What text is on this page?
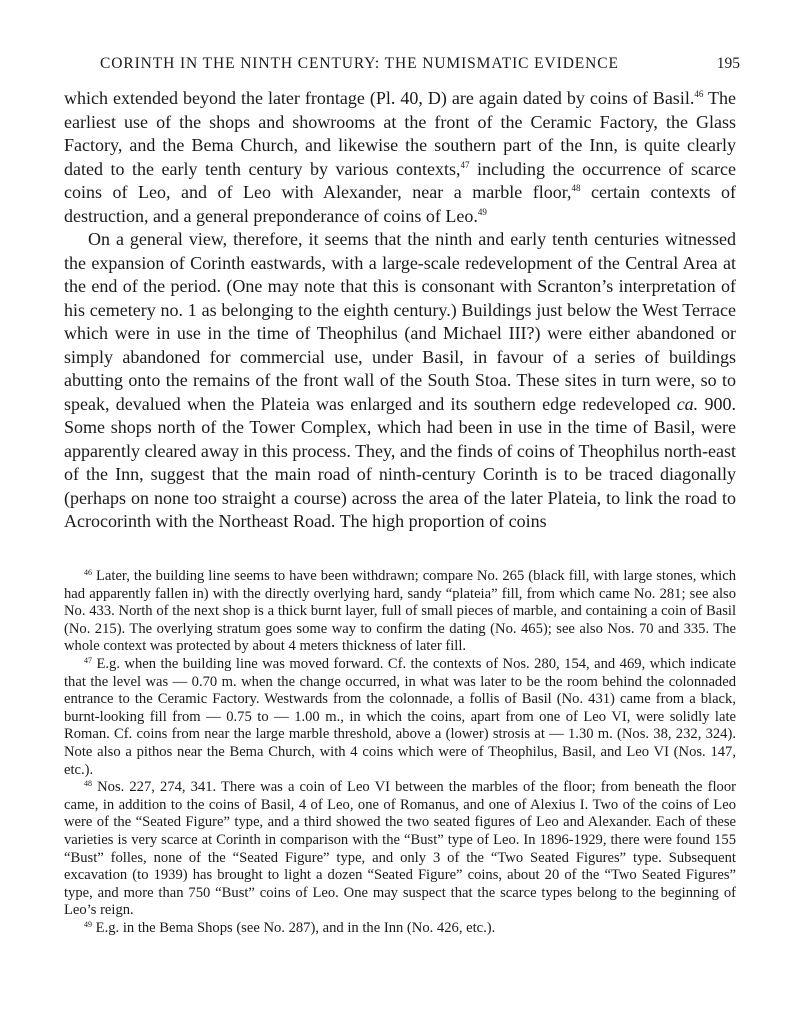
CORINTH IN THE NINTH CENTURY: THE NUMISMATIC EVIDENCE	195

which extended beyond the later frontage (Pl. 40, D) are again dated by coins of Basil.$^{46}$ The earliest use of the shops and showrooms at the front of the Ceramic Factory, the Glass Factory, and the Bema Church, and likewise the southern part of the Inn, is quite clearly dated to the early tenth century by various contexts,$^{47}$ including the occurrence of scarce coins of Leo, and of Leo with Alexander, near a marble floor,$^{48}$ certain contexts of destruction, and a general preponderance of coins of Leo.$^{49}$

On a general view, therefore, it seems that the ninth and early tenth centuries witnessed the expansion of Corinth eastwards, with a large-scale redevelopment of the Central Area at the end of the period. (One may note that this is consonant with Scranton’s interpretation of his cemetery no. 1 as belonging to the eighth century.) Buildings just below the West Terrace which were in use in the time of Theophilus (and Michael III?) were either abandoned or simply abandoned for commercial use, under Basil, in favour of a series of buildings abutting onto the remains of the front wall of the South Stoa. These sites in turn were, so to speak, devalued when the Plateia was enlarged and its southern edge redeveloped ca. 900. Some shops north of the Tower Complex, which had been in use in the time of Basil, were apparently cleared away in this process. They, and the finds of coins of Theophilus north-east of the Inn, suggest that the main road of ninth-century Corinth is to be traced diagonally (perhaps on none too straight a course) across the area of the later Plateia, to link the road to Acrocorinth with the Northeast Road. The high proportion of coins

$^{46}$ Later, the building line seems to have been withdrawn; compare No. 265 (black fill, with large stones, which had apparently fallen in) with the directly overlying hard, sandy “plateia” fill, from which came No. 281; see also No. 433. North of the next shop is a thick burnt layer, full of small pieces of marble, and containing a coin of Basil (No. 215). The overlying stratum goes some way to confirm the dating (No. 465); see also Nos. 70 and 335. The whole context was protected by about 4 meters thickness of later fill.

$^{47}$ E.g. when the building line was moved forward. Cf. the contexts of Nos. 280, 154, and 469, which indicate that the level was — 0.70 m. when the change occurred, in what was later to be the room behind the colonnaded entrance to the Ceramic Factory. Westwards from the colonnade, a follis of Basil (No. 431) came from a black, burnt-looking fill from — 0.75 to — 1.00 m., in which the coins, apart from one of Leo VI, were solidly late Roman. Cf. coins from near the large marble threshold, above a (lower) strosis at — 1.30 m. (Nos. 38, 232, 324). Note also a pithos near the Bema Church, with 4 coins which were of Theophilus, Basil, and Leo VI (Nos. 147, etc.).

$^{48}$ Nos. 227, 274, 341. There was a coin of Leo VI between the marbles of the floor; from beneath the floor came, in addition to the coins of Basil, 4 of Leo, one of Romanus, and one of Alexius I. Two of the coins of Leo were of the “Seated Figure” type, and a third showed the two seated figures of Leo and Alexander. Each of these varieties is very scarce at Corinth in comparison with the “Bust” type of Leo. In 1896-1929, there were found 155 “Bust” folles, none of the “Seated Figure” type, and only 3 of the “Two Seated Figures” type. Subsequent excavation (to 1939) has brought to light a dozen “Seated Figure” coins, about 20 of the “Two Seated Figures” type, and more than 750 “Bust” coins of Leo. One may suspect that the scarce types belong to the beginning of Leo’s reign.

$^{49}$ E.g. in the Bema Shops (see No. 287), and in the Inn (No. 426, etc.).
